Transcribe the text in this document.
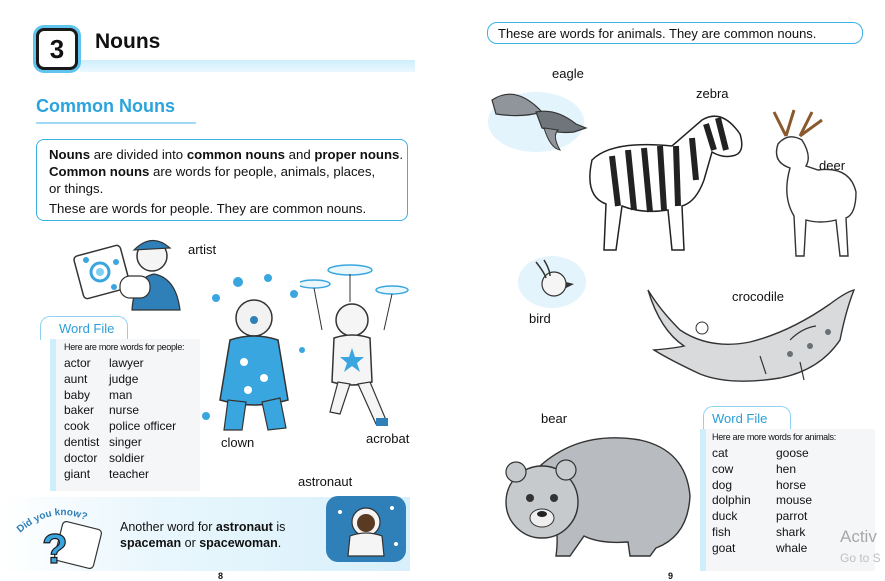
3	Nouns
Common Nouns

Nouns are divided into common nouns and proper nouns.

Common nouns are words for people, animals, places,

or things.

These are words for people. They are common nouns.

artist
clown	acrobat
Word File
Here are more words for people:
actor	lawyer
aunt	judge
baby	man
baker	nurse
cook	police officer
dentist singer
doctor soldier
giant	teacher
astronaut
Did you know?
?	Another word for astronaut is
spaceman or spacewoman.
8
These are words for animals. They are common nouns.
eagle
zebra
deer
bird
crocodile
bear	Word File
Here are more words for animals:
cat	goose
cow	hen
dog	horse
dolphin	mouse
duck	parrot
fish	shark
goat	whale
9
Activ
Go to S
